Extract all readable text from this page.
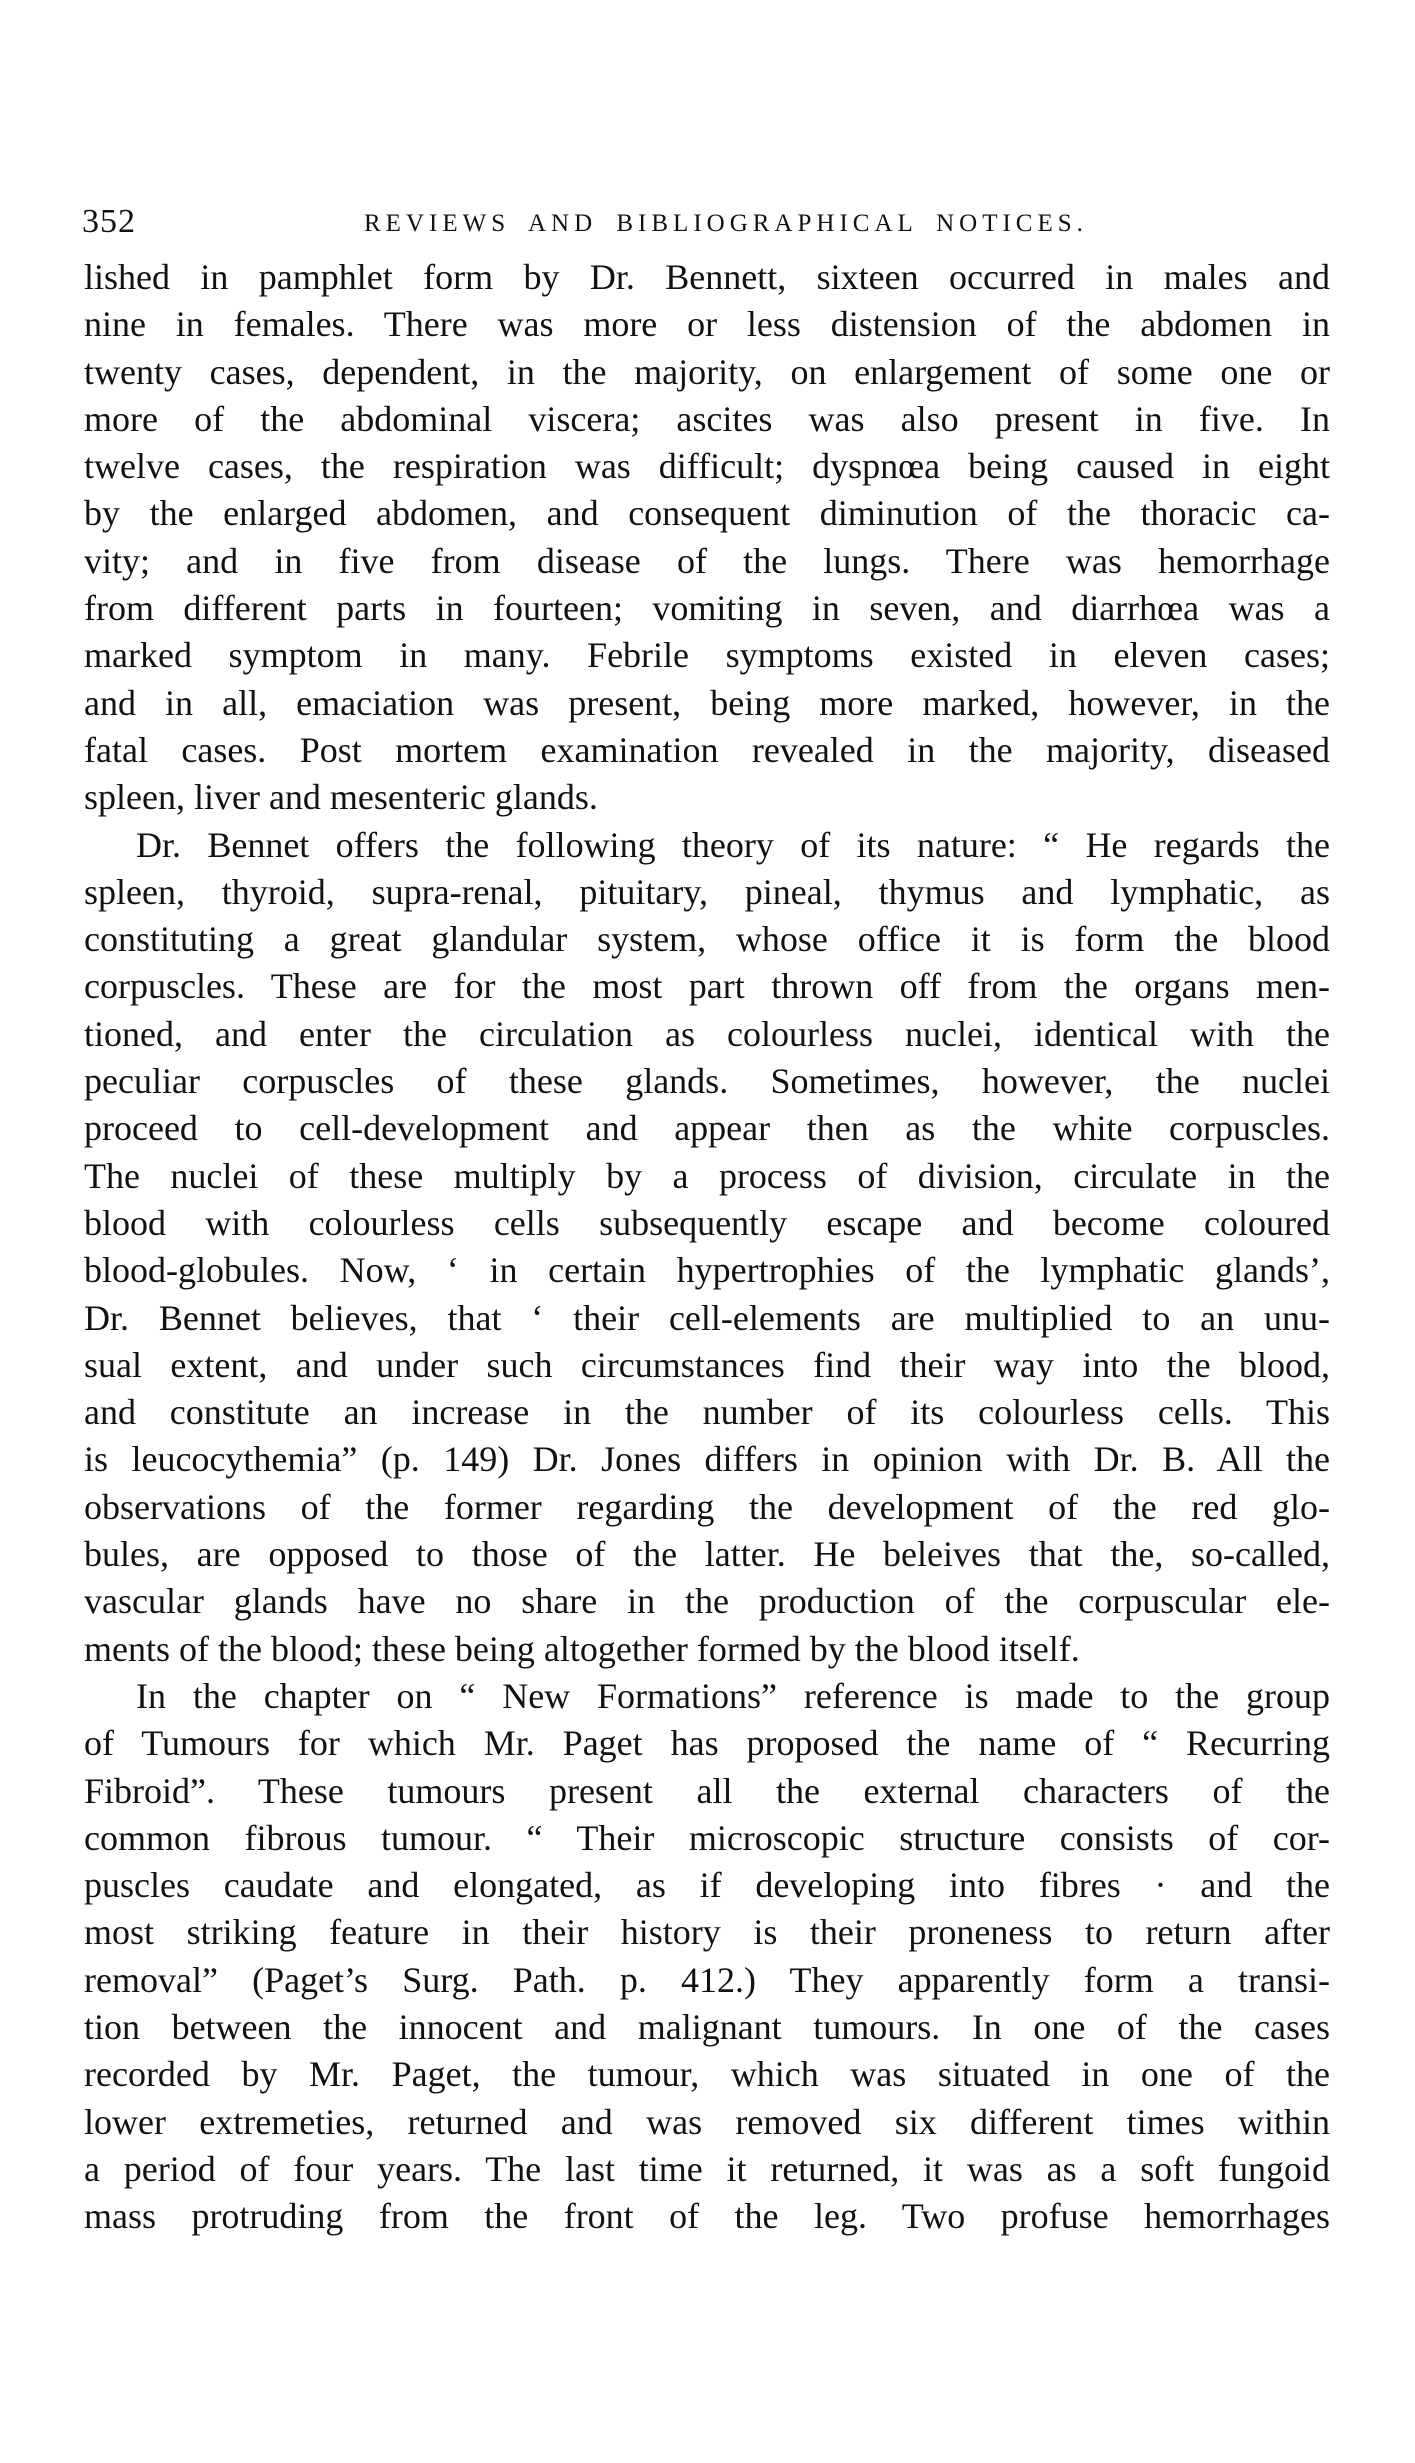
352	REVIEWS AND BIBLIOGRAPHICAL NOTICES.
lished in pamphlet form by Dr. Bennett, sixteen occurred in males and
nine in females. There was more or less distension of the abdomen in
twenty cases, dependent, in the majority, on enlargement of some one or
more of the abdominal viscera; ascites was also present in five. In
twelve cases, the respiration was difficult; dyspnœa being caused in eight
by the enlarged abdomen, and consequent diminution of the thoracic ca-
vity; and in five from disease of the lungs. There was hemorrhage
from different parts in fourteen; vomiting in seven, and diarrhœa was a
marked symptom in many. Febrile symptoms existed in eleven cases;
and in all, emaciation was present, being more marked, however, in the
fatal cases. Post mortem examination revealed in the majority, diseased
spleen, liver and mesenteric glands.
Dr. Bennet offers the following theory of its nature: “ He regards the
spleen, thyroid, supra-renal, pituitary, pineal, thymus and lymphatic, as
constituting a great glandular system, whose office it is form the blood
corpuscles. These are for the most part thrown off from the organs men-
tioned, and enter the circulation as colourless nuclei, identical with the
peculiar corpuscles of these glands. Sometimes, however, the nuclei
proceed to cell-development and appear then as the white corpuscles.
The nuclei of these multiply by a process of division, circulate in the
blood with colourless cells subsequently escape and become coloured
blood-globules. Now, ‘ in certain hypertrophies of the lymphatic glands’,
Dr. Bennet believes, that ‘ their cell-elements are multiplied to an unu-
sual extent, and under such circumstances find their way into the blood,
and constitute an increase in the number of its colourless cells. This
is leucocythemia” (p. 149) Dr. Jones differs in opinion with Dr. B. All the
observations of the former regarding the development of the red glo-
bules, are opposed to those of the latter. He beleives that the, so-called,
vascular glands have no share in the production of the corpuscular ele-
ments of the blood; these being altogether formed by the blood itself.
In the chapter on “ New Formations” reference is made to the group
of Tumours for which Mr. Paget has proposed the name of “ Recurring
Fibroid”. These tumours present all the external characters of the
common fibrous tumour. “ Their microscopic structure consists of cor-
puscles caudate and elongated, as if developing into fibres · and the
most striking feature in their history is their proneness to return after
removal” (Paget’s Surg. Path. p. 412.) They apparently form a transi-
tion between the innocent and malignant tumours. In one of the cases
recorded by Mr. Paget, the tumour, which was situated in one of the
lower extremeties, returned and was removed six different times within
a period of four years. The last time it returned, it was as a soft fungoid
mass protruding from the front of the leg. Two profuse hemorrhages
